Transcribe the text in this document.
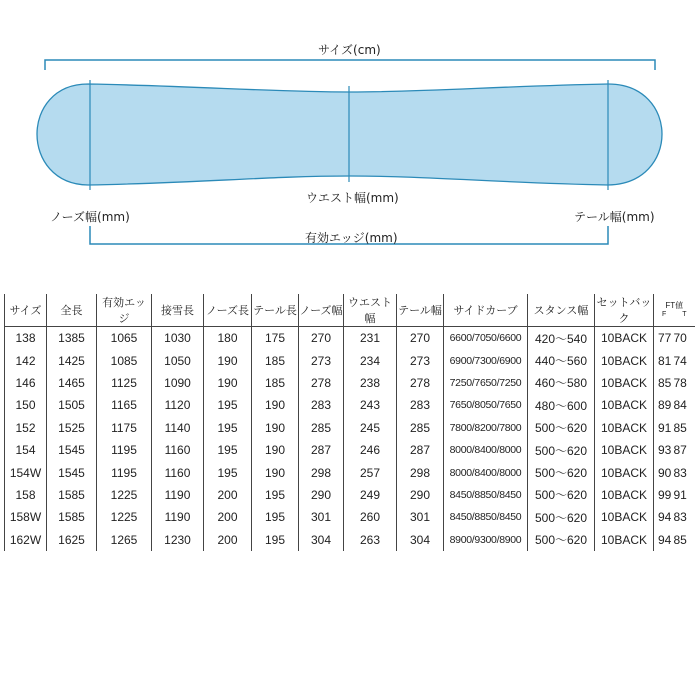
サイズ(cm)
ウエスト幅(mm)
ノーズ幅(mm)	テール幅(mm)
有効エッジ(mm)
サイズ	全長	有効エッジ	接雪長	ノーズ長	テール長	ノーズ幅	ウエスト幅	テール幅	サイドカーブ	スタンス幅	セットバック	FT値
F T	

138	1385	1065	1030	180	175	270	231	270	6600/7050/6600	420～540	10BACK	77	70
142	1425	1085	1050	190	185	273	234	273	6900/7300/6900	440～560	10BACK	81	74
146	1465	1125	1090	190	185	278	238	278	7250/7650/7250	460～580	10BACK	85	78
150	1505	1165	1120	195	190	283	243	283	7650/8050/7650	480～600	10BACK	89	84
152	1525	1175	1140	195	190	285	245	285	7800/8200/7800	500～620	10BACK	91	85
154	1545	1195	1160	195	190	287	246	287	8000/8400/8000	500～620	10BACK	93	87
154W	1545	1195	1160	195	190	298	257	298	8000/8400/8000	500～620	10BACK	90	83
158	1585	1225	1190	200	195	290	249	290	8450/8850/8450	500～620	10BACK	99	91
158W	1585	1225	1190	200	195	301	260	301	8450/8850/8450	500～620	10BACK	94	83
162W	1625	1265	1230	200	195	304	263	304	8900/9300/8900	500～620	10BACK	94	85
